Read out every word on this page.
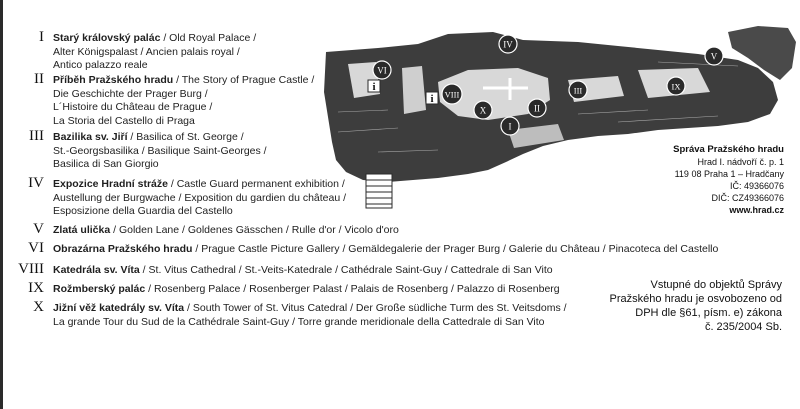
I Starý královský palác / Old Royal Palace /
Alter Königspalast / Ancien palais royal /
Antico palazzo reale
II Příběh Pražského hradu / The Story of Prague Castle /
Die Geschichte der Prager Burg /
L´Histoire du Château de Prague /
La Storia del Castello di Praga
III Bazilika sv. Jiří / Basilica of St. George /
St.-Georgsbasilika / Basilique Saint-Georges /
Basilica di San Giorgio
IV Expozice Hradní stráže / Castle Guard permanent exhibition /
Austellung der Burgwache / Exposition du gardien du château /
Esposizione della Guardia del Castello
V Zlatá ulička / Golden Lane / Goldenes Gässchen / Rulle d'or / Vicolo d'oro
VI Obrazárna Pražského hradu / Prague Castle Picture Gallery / Gemäldegalerie der Prager Burg / Galerie du Château / Pinacoteca del Castello
VIII Katedrála sv. Víta / St. Vitus Cathedral / St.-Veits-Katedrale / Cathédrale Saint-Guy / Cattedrale di San Vito
IX Rožmberský palác / Rosenberg Palace / Rosenberger Palast / Palais de Rosenberg / Palazzo di Rosenberg
X Jižní věž katedrály sv. Víta / South Tower of St. Vitus Catedral / Der Große südliche Turm des St. Veitsdoms /
La grande Tour du Sud de la Cathédrale Saint-Guy / Torre grande meridionale della Cattedrale di San Vito
IV
VI
VIII
X	II
I
III	IX
V
i
i
Správa Pražského hradu
Hrad I. nádvoří č. p. 1
119 08 Praha 1 – Hradčany
IČ: 49366076
DIČ: CZ49366076
www.hrad.cz
Vstupné do objektů Správy
Pražského hradu je osvobozeno od
DPH dle §61, písm. e) zákona
č. 235/2004 Sb.
